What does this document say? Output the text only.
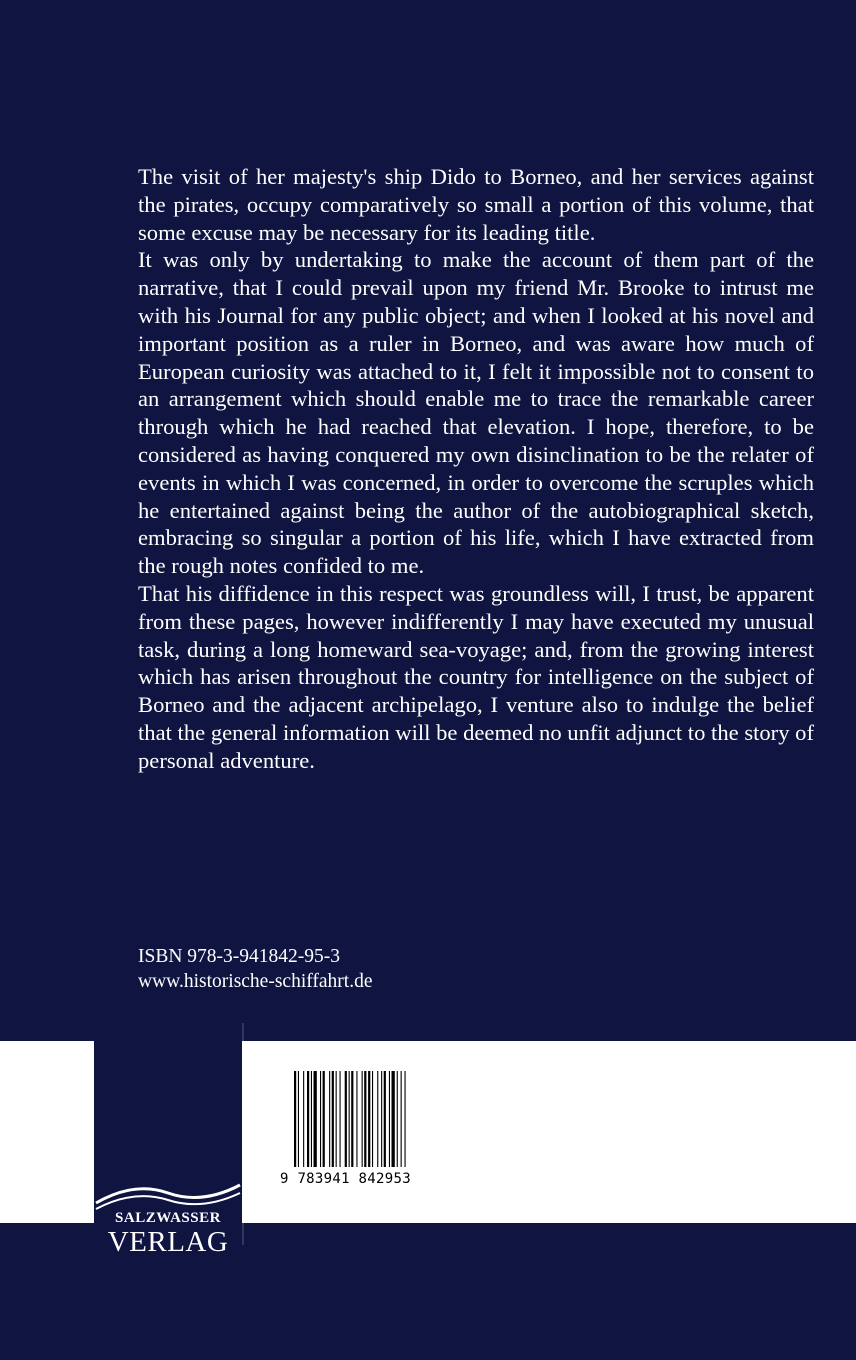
The visit of her majesty's ship Dido to Borneo, and her services against the pirates, occupy comparatively so small a portion of this volume, that some excuse may be necessary for its leading title.

It was only by undertaking to make the account of them part of the narrative, that I could prevail upon my friend Mr. Brooke to intrust me with his Journal for any public object; and when I looked at his novel and important position as a ruler in Borneo, and was aware how much of European curiosity was attached to it, I felt it impossible not to consent to an arrangement which should enable me to trace the remarkable career through which he had reached that elevation. I hope, therefore, to be considered as having conquered my own disinclination to be the relater of events in which I was concerned, in order to overcome the scruples which he entertained against being the author of the autobiographical sketch, embracing so singular a portion of his life, which I have extracted from the rough notes confided to me.

That his diffidence in this respect was groundless will, I trust, be apparent from these pages, however indifferently I may have executed my unusual task, during a long homeward sea-voyage; and, from the growing interest which has arisen throughout the country for intelligence on the subject of Borneo and the adjacent archipelago, I venture also to indulge the belief that the general information will be deemed no unfit adjunct to the story of personal adventure.

ISBN 978-3-941842-95-3
www.historische-schiffahrt.de
SALZWASSER
VERLAG
9 783941 842953
